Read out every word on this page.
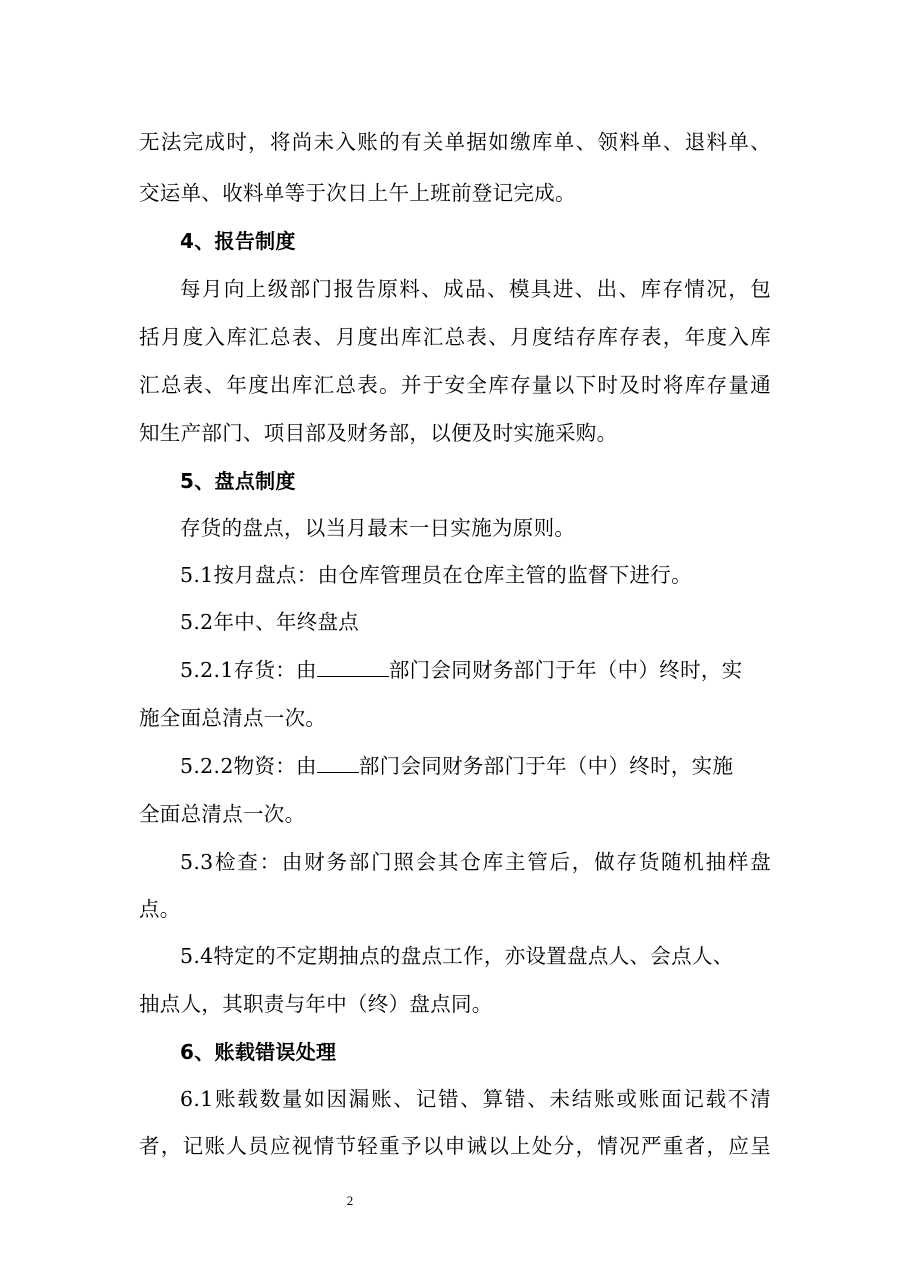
无法完成时，将尚未入账的有关单据如缴库单、领料单、退料单、
交运单、收料单等于次日上午上班前登记完成。
4、报告制度
每月向上级部门报告原料、成品、模具进、出、库存情况，包
括月度入库汇总表、月度出库汇总表、月度结存库存表，年度入库
汇总表、年度出库汇总表。并于安全库存量以下时及时将库存量通
知生产部门、项目部及财务部，以便及时实施采购。
5、盘点制度
存货的盘点，以当月最末一日实施为原则。
5.1按月盘点：由仓库管理员在仓库主管的监督下进行。
5.2年中、年终盘点
5.2.1存货：由	部门会同财务部门于年（中）终时，实
施全面总清点一次。
5.2.2物资：由 部门会同财务部门于年（中）终时，实施
全面总清点一次。
5.3检查：由财务部门照会其仓库主管后，做存货随机抽样盘
点。
5.4特定的不定期抽点的盘点工作，亦设置盘点人、会点人、
抽点人，其职责与年中（终）盘点同。
6、账载错误处理
6.1账载数量如因漏账、记错、算错、未结账或账面记载不清
者，记账人员应视情节轻重予以申诫以上处分，情况严重者，应呈
2
